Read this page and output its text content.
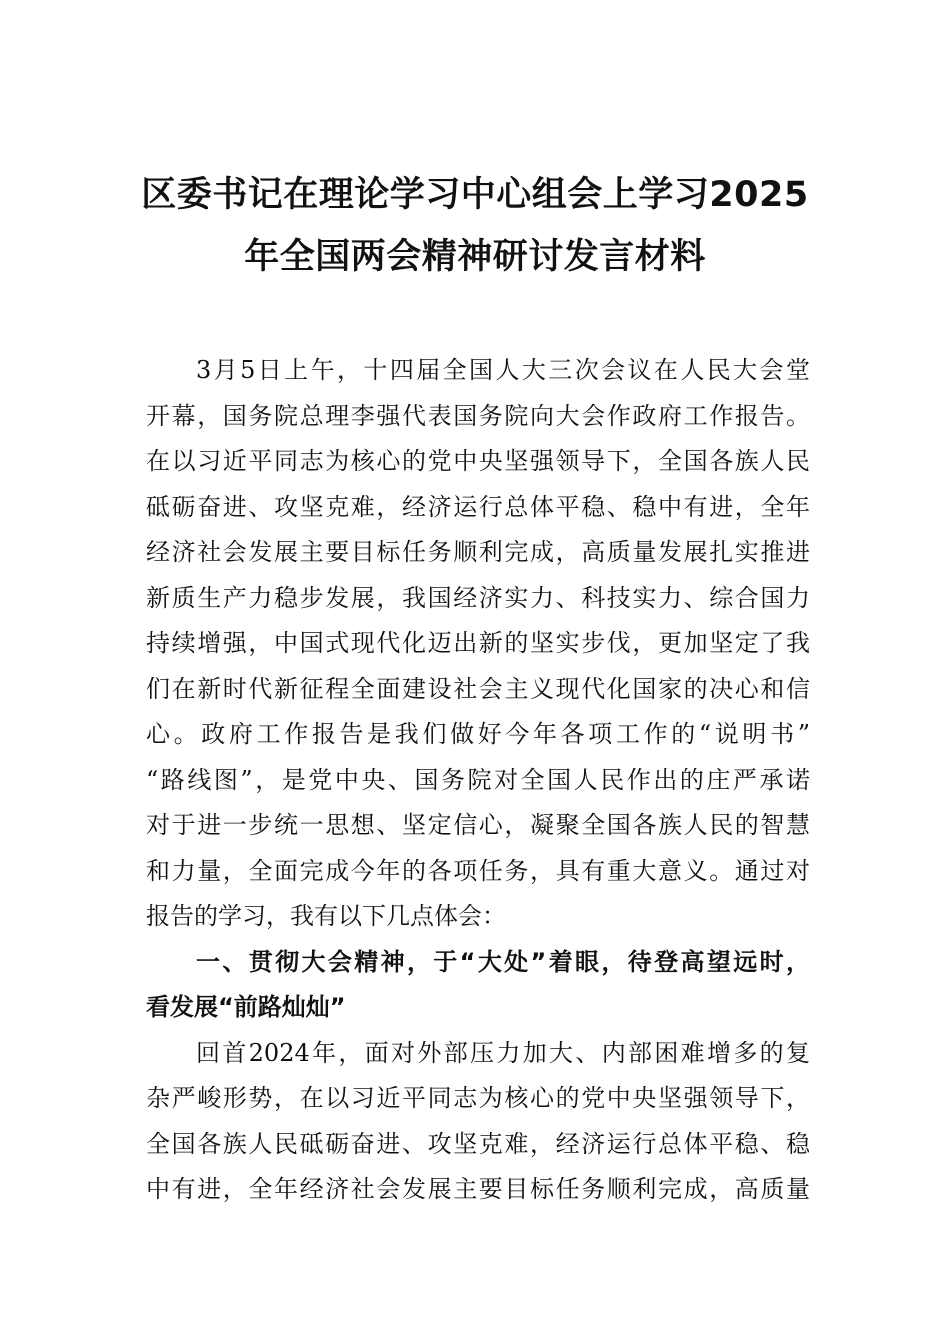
区委书记在理论学习中心组会上学习2025
年全国两会精神研讨发言材料
3月5日上午，十四届全国人大三次会议在人民大会堂
开幕，国务院总理李强代表国务院向大会作政府工作报告。
在以习近平同志为核心的党中央坚强领导下，全国各族人民
砥砺奋进、攻坚克难，经济运行总体平稳、稳中有进，全年
经济社会发展主要目标任务顺利完成，高质量发展扎实推进
新质生产力稳步发展，我国经济实力、科技实力、综合国力
持续增强，中国式现代化迈出新的坚实步伐，更加坚定了我
们在新时代新征程全面建设社会主义现代化国家的决心和信
心。政府工作报告是我们做好今年各项工作的“说明书”
“路线图”，是党中央、国务院对全国人民作出的庄严承诺
对于进一步统一思想、坚定信心，凝聚全国各族人民的智慧
和力量，全面完成今年的各项任务，具有重大意义。通过对
报告的学习，我有以下几点体会：
一、贯彻大会精神，于“大处”着眼，待登高望远时，
看发展“前路灿灿”
回首2024年，面对外部压力加大、内部困难增多的复
杂严峻形势，在以习近平同志为核心的党中央坚强领导下，
全国各族人民砥砺奋进、攻坚克难，经济运行总体平稳、稳
中有进，全年经济社会发展主要目标任务顺利完成，高质量
